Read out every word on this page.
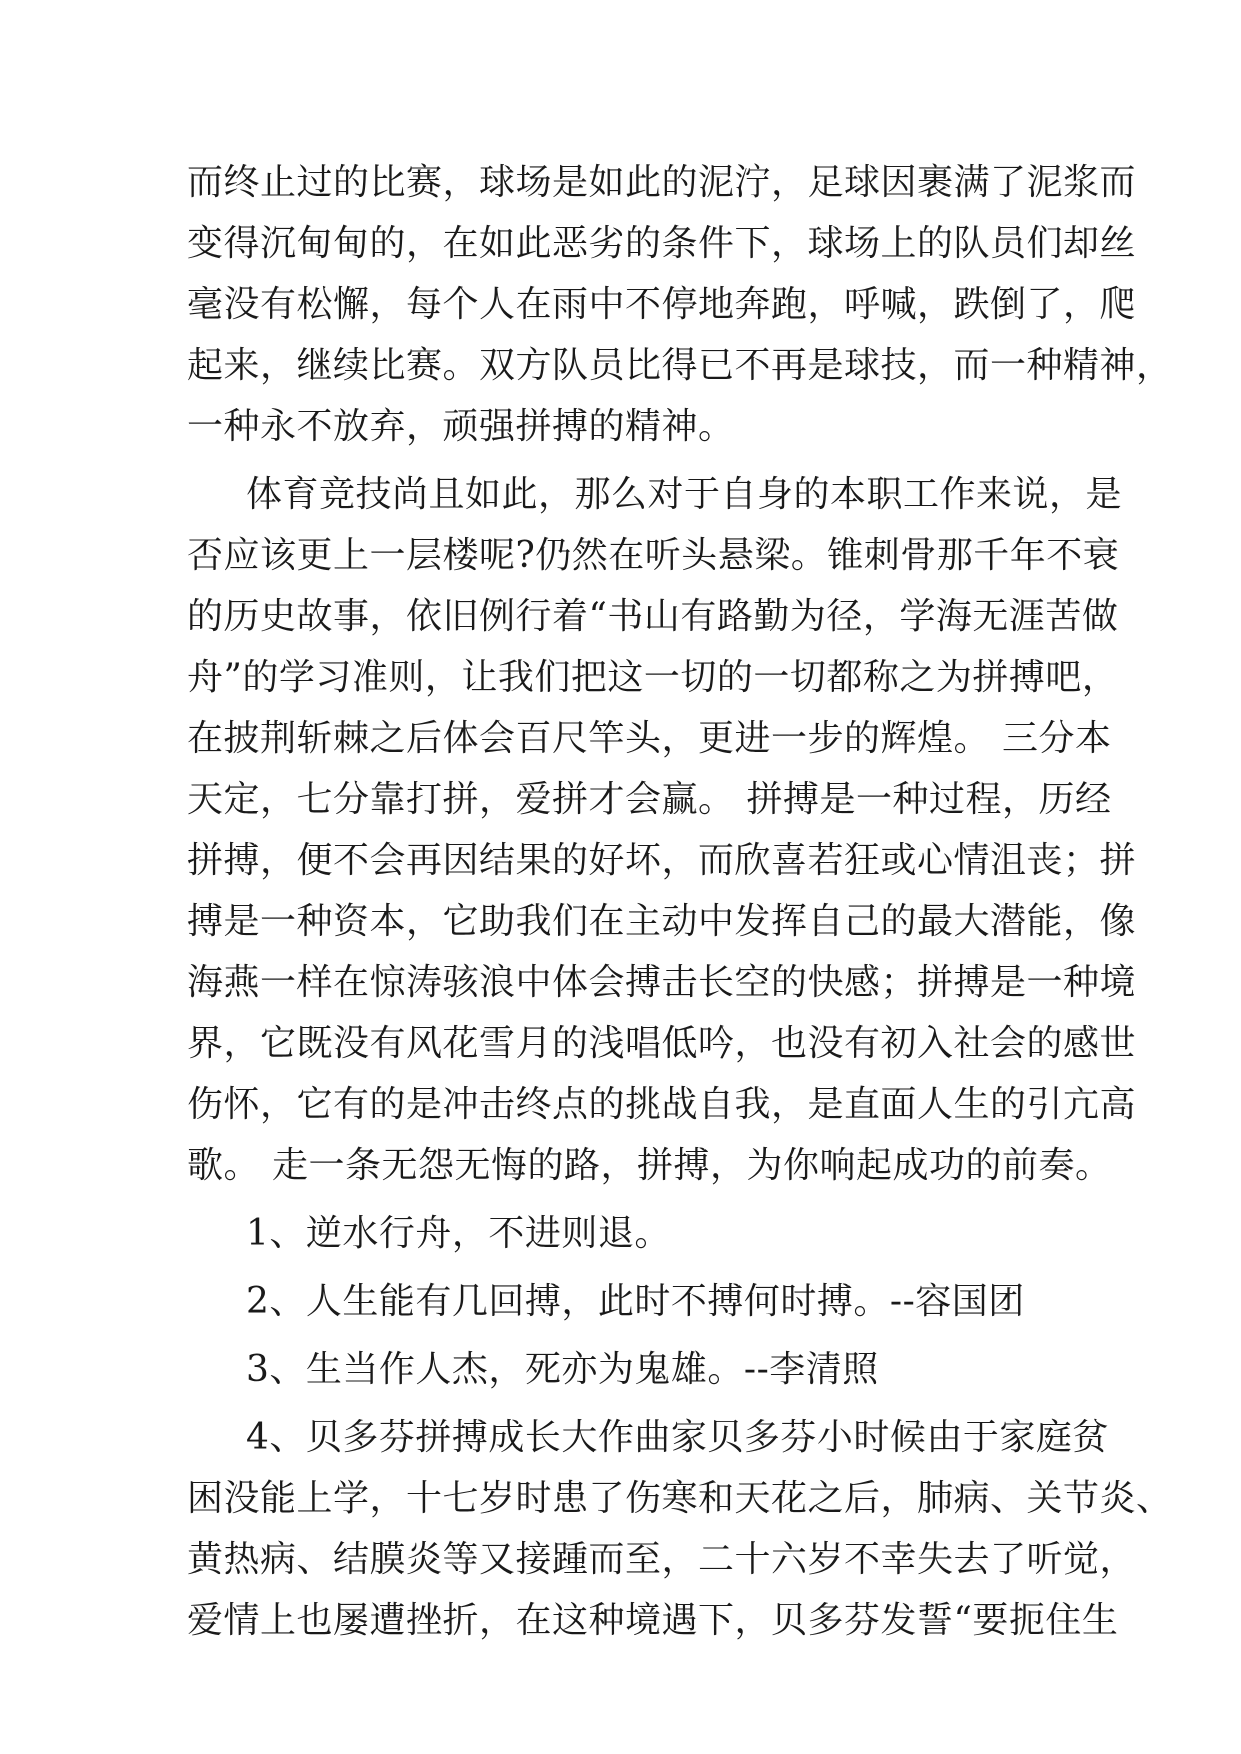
而终止过的比赛，球场是如此的泥泞，足球因裹满了泥浆而
变得沉甸甸的，在如此恶劣的条件下，球场上的队员们却丝
毫没有松懈，每个人在雨中不停地奔跑，呼喊，跌倒了，爬
起来，继续比赛。双方队员比得已不再是球技，而一种精神，
一种永不放弃，顽强拼搏的精神。
体育竞技尚且如此，那么对于自身的本职工作来说，是
否应该更上一层楼呢?仍然在听头悬梁。锥刺骨那千年不衰
的历史故事，依旧例行着“书山有路勤为径，学海无涯苦做
舟”的学习准则，让我们把这一切的一切都称之为拼搏吧，
在披荆斩棘之后体会百尺竿头，更进一步的辉煌。 三分本
天定，七分靠打拼，爱拼才会赢。 拼搏是一种过程，历经
拼搏，便不会再因结果的好坏，而欣喜若狂或心情沮丧；拼
搏是一种资本，它助我们在主动中发挥自己的最大潜能，像
海燕一样在惊涛骇浪中体会搏击长空的快感；拼搏是一种境
界，它既没有风花雪月的浅唱低吟，也没有初入社会的感世
伤怀，它有的是冲击终点的挑战自我，是直面人生的引亢高
歌。 走一条无怨无悔的路，拼搏，为你响起成功的前奏。
1、逆水行舟，不进则退。
2、人生能有几回搏，此时不搏何时搏。--容国团
3、生当作人杰，死亦为鬼雄。--李清照
4、贝多芬拼搏成长大作曲家贝多芬小时候由于家庭贫
困没能上学，十七岁时患了伤寒和天花之后，肺病、关节炎、
黄热病、结膜炎等又接踵而至，二十六岁不幸失去了听觉，
爱情上也屡遭挫折，在这种境遇下，贝多芬发誓“要扼住生
